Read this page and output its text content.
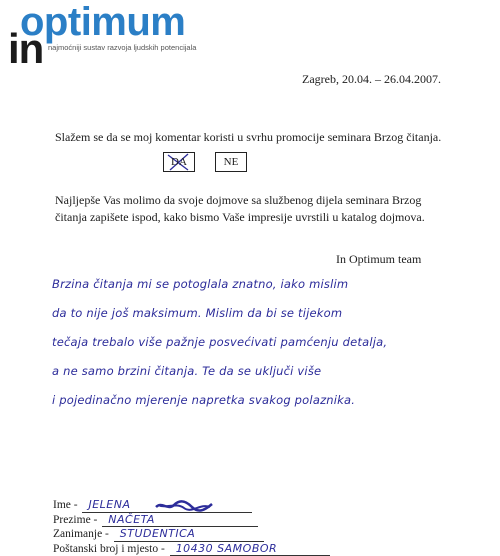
optimum
in najmoćniji sustav razvoja ljudskih potencijala
Zagreb, 20.04. – 26.04.2007.
Slažem se da se moj komentar koristi u svrhu promocije seminara Brzog čitanja.
DA	NE
Najljepše Vas molimo da svoje dojmove sa službenog dijela seminara Brzog
čitanja zapišete ispod, kako bismo Vaše impresije uvrstili u katalog dojmova.
In Optimum team
Brzina čitanja mi se potoglala znatno, iako mislim
da to nije još maksimum. Mislim da bi se tijekom
tečaja trebalo više pažnje posvećivati pamćenju detalja,
a ne samo brzini čitanja. Te da se uključi više
i pojedinačno mjerenje napretka svakog polaznika.
Ime - JELENA
Prezime - NAČETA
Zanimanje - STUDENTICA
Poštanski broj i mjesto - 10430 SAMOBOR
